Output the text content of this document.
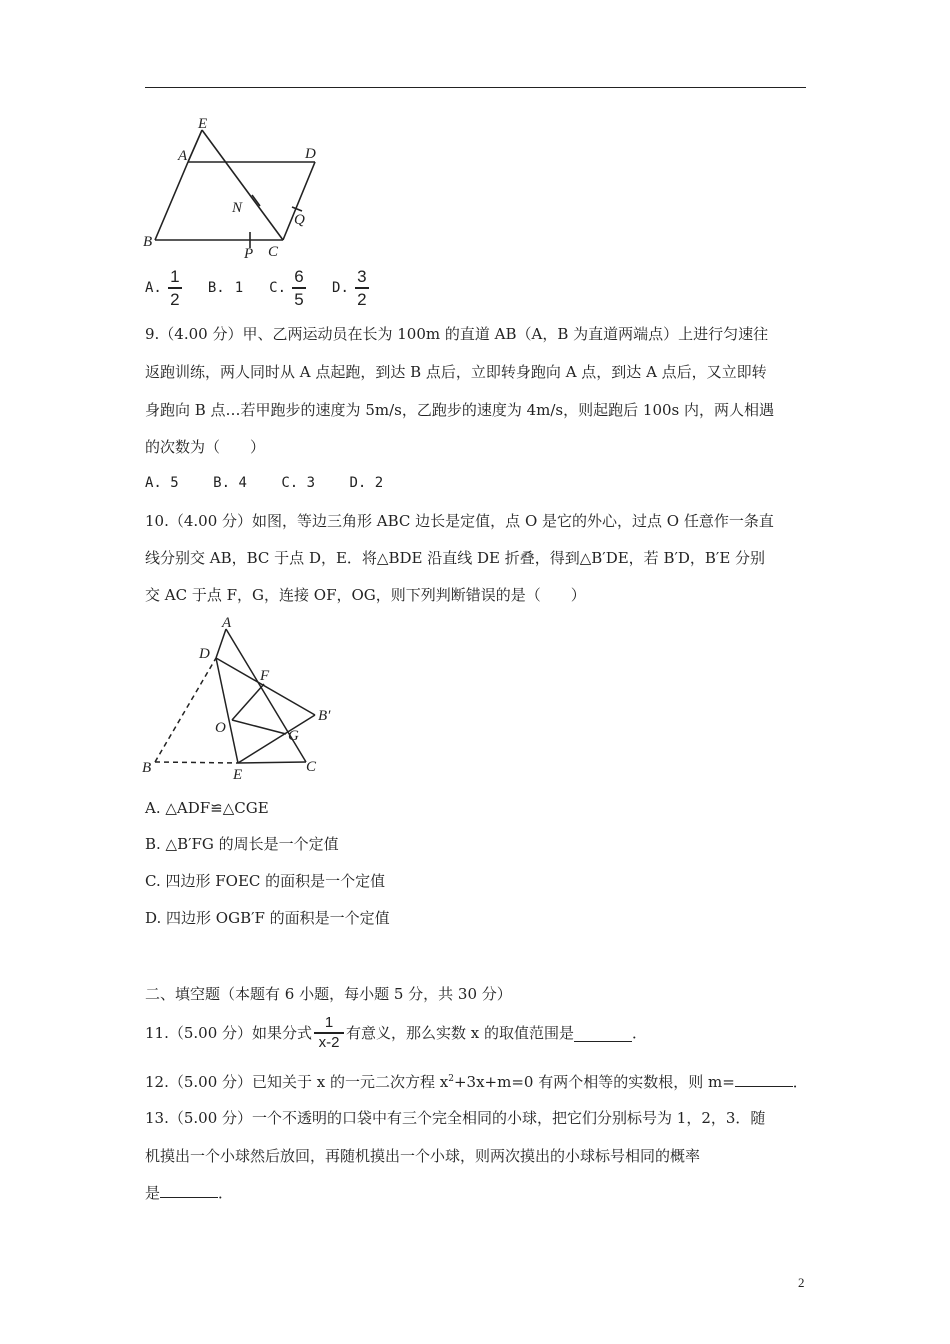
E
A	D
N
Q
B
P C
A. $\frac{1}{2} B$. 1 C. $\frac{6}{5} D$. $\frac{3}{2}$
9.（4.00 分）甲、乙两运动员在长为 100m 的直道 AB（A，B 为直道两端点）上进行匀速往
返跑训练，两人同时从 A 点起跑，到达 B 点后，立即转身跑向 A 点，到达 A 点后，又立即转
身跑向 B 点…若甲跑步的速度为 5m/s，乙跑步的速度为 4m/s，则起跑后 100s 内，两人相遇
的次数为（　　）
A. 5 B. 4 C. 3 D. 2
10.（4.00 分）如图，等边三角形 ABC 边长是定值，点 O 是它的外心，过点 O 任意作一条直
线分别交 AB，BC 于点 D，E．将△BDE 沿直线 DE 折叠，得到△B′DE，若 B′D，B′E 分别
交 AC 于点 F，G，连接 OF，OG，则下列判断错误的是（　　）
A
D
F
B′
O	G
B	E	C
A. △ADF≌△CGE
B. △B′FG 的周长是一个定值
C. 四边形 FOEC 的面积是一个定值
D. 四边形 OGB′F 的面积是一个定值
二、填空题（本题有 6 小题，每小题 5 分，共 30 分）
11.（5.00 分）如果分式 $\frac{1}{x-2}$ 有意义，那么实数 x 的取值范围是	．
12.（5.00 分）已知关于 x 的一元二次方程 $x^2+3x+m=0$ 有两个相等的实数根，则 m=	．
13.（5.00 分）一个不透明的口袋中有三个完全相同的小球，把它们分别标号为 1，2，3．随
机摸出一个小球然后放回，再随机摸出一个小球，则两次摸出的小球标号相同的概率
是	．
2
